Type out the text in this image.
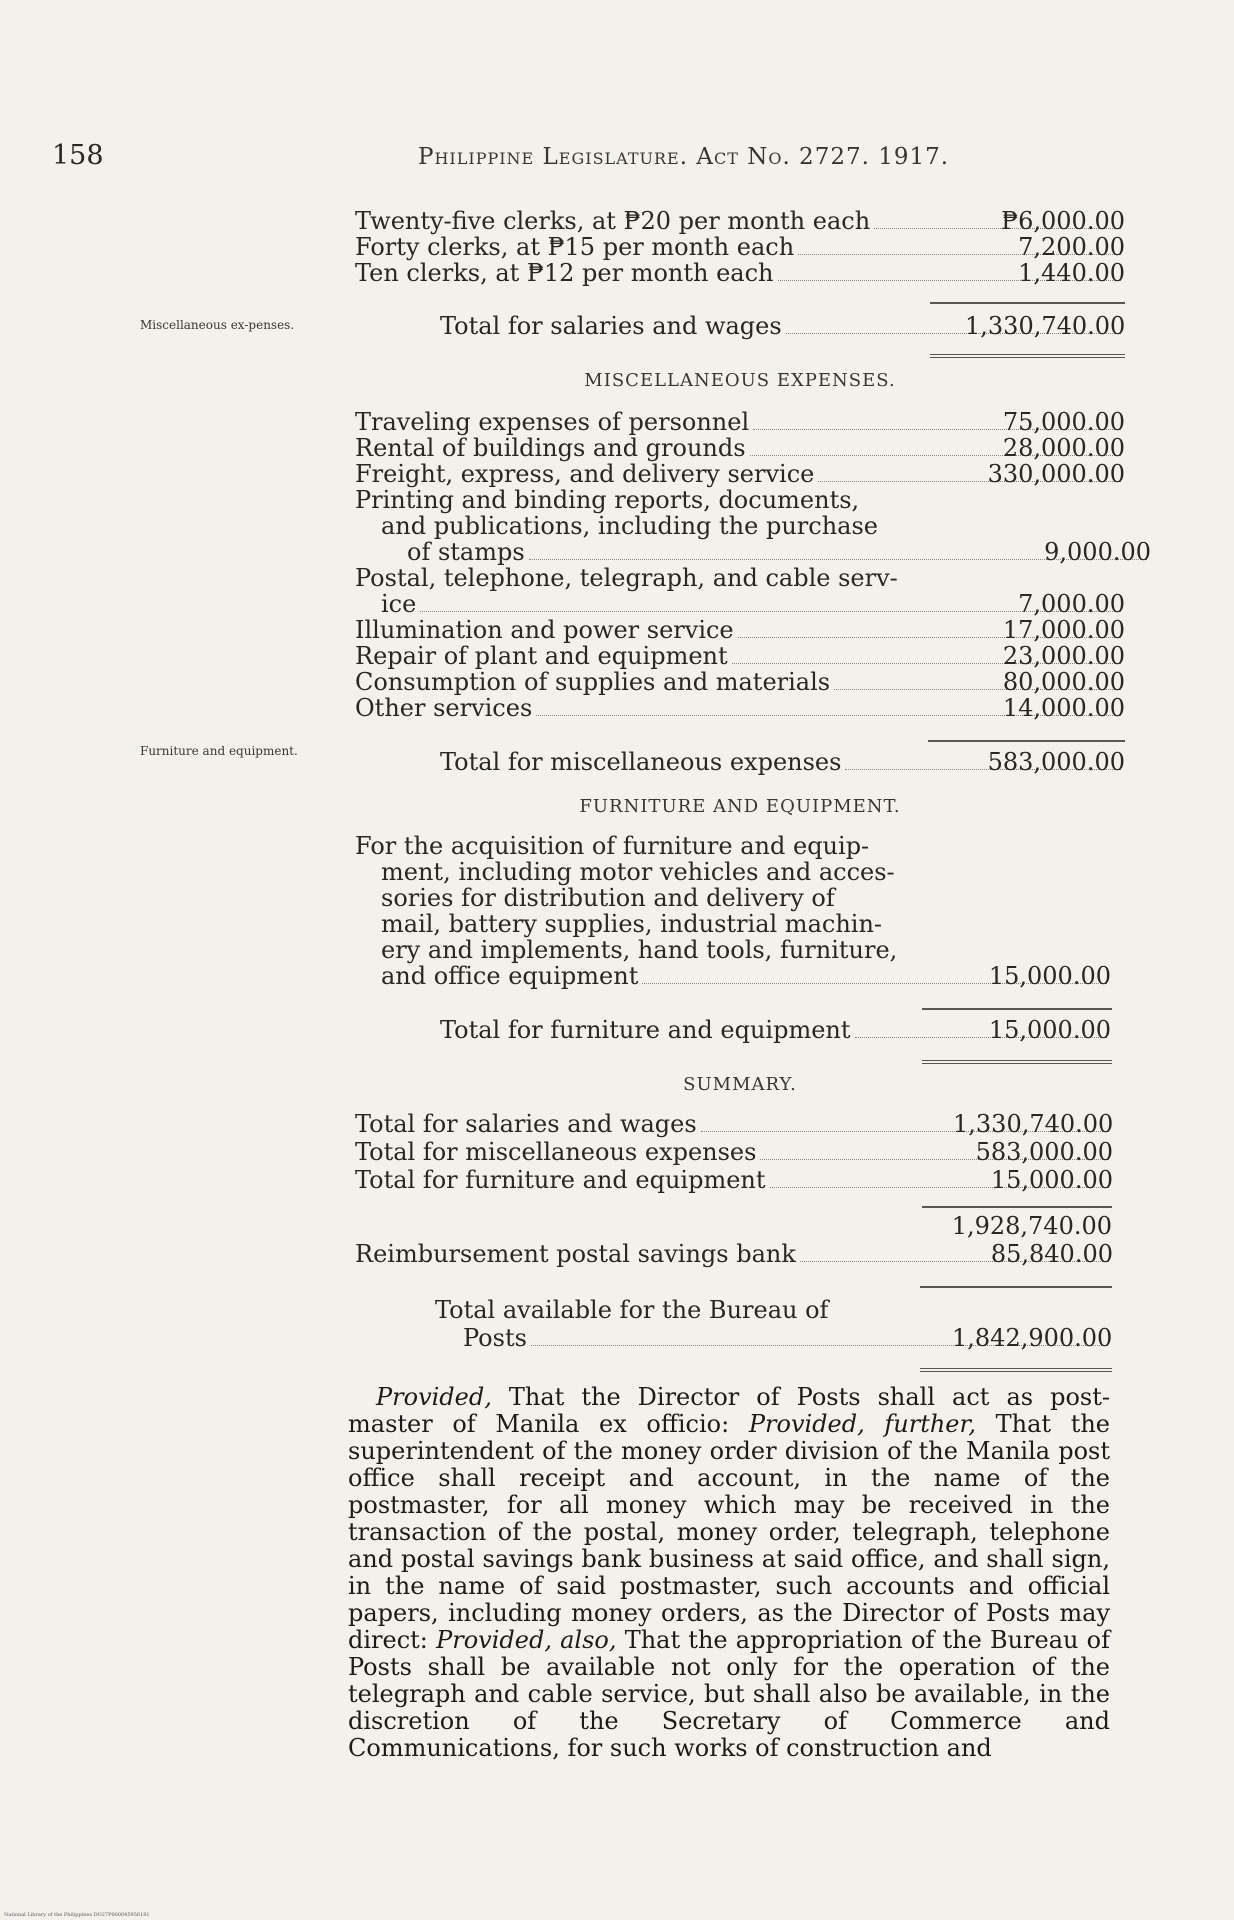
158	Philippine Legislature. Act No. 2727. 1917.
Twenty-five clerks, at ₱20 per month each	₱6,000.00
Forty clerks, at ₱15 per month each	7,200.00
Ten clerks, at ₱12 per month each	1,440.00
Miscellaneous ex-penses.	Total for salaries and wages	1,330,740.00
MISCELLANEOUS EXPENSES.
Traveling expenses of personnel	75,000.00
Rental of buildings and grounds	28,000.00
Freight, express, and delivery service	330,000.00
Printing and binding reports, documents,
and publications, including the purchase
of stamps	9,000.00
Postal, telephone, telegraph, and cable serv-
ice	7,000.00
Illumination and power service	17,000.00
Repair of plant and equipment	23,000.00
Consumption of supplies and materials	80,000.00
Other services	14,000.00
Furniture and equipment.	Total for miscellaneous expenses	583,000.00
FURNITURE AND EQUIPMENT.
For the acquisition of furniture and equip-
ment, including motor vehicles and acces-
sories for distribution and delivery of
mail, battery supplies, industrial machin-
ery and implements, hand tools, furniture,
and office equipment	15,000.00
Total for furniture and equipment	15,000.00
SUMMARY.
Total for salaries and wages	1,330,740.00
Total for miscellaneous expenses	583,000.00
Total for furniture and equipment	15,000.00
1,928,740.00
Reimbursement postal savings bank	85,840.00
Total available for the Bureau of
Posts	1,842,900.00
Provided, That the Director of Posts shall act as post-master of Manila ex officio: Provided, further, That the superintendent of the money order division of the Manila post office shall receipt and account, in the name of the postmaster, for all money which may be received in the transaction of the postal, money order, telegraph, telephone and postal savings bank business at said office, and shall sign, in the name of said postmaster, such accounts and official papers, including money orders, as the Director of Posts may direct: Provided, also, That the appropriation of the Bureau of Posts shall be available not only for the operation of the telegraph and cable service, but shall also be available, in the discretion of the Secretary of Commerce and Communications, for such works of construction and
National Library of the Philippines DO27P000045956181
